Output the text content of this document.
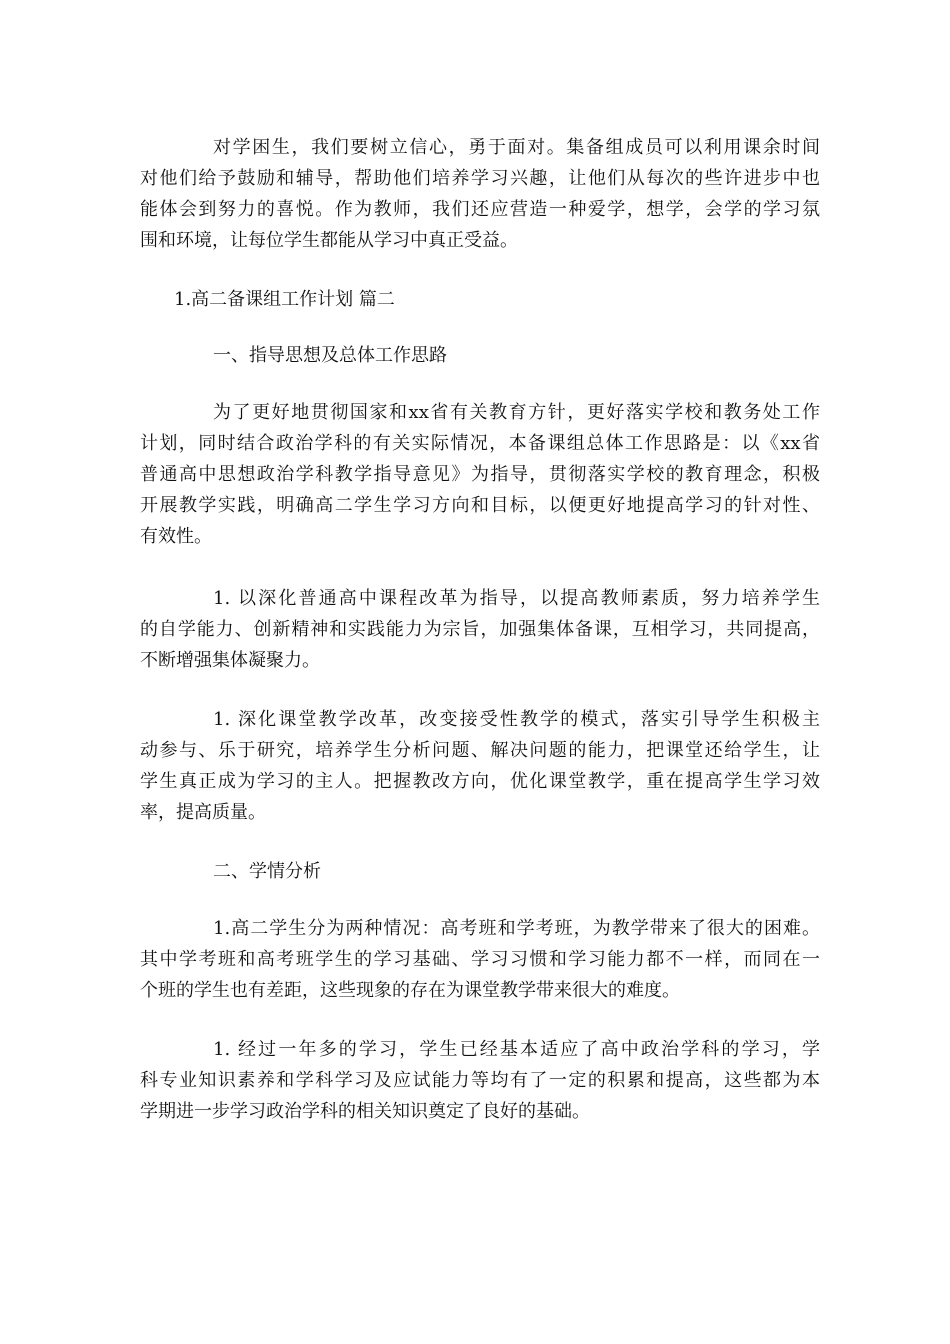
对学困生，我们要树立信心，勇于面对。集备组成员可以利用课余时间
对他们给予鼓励和辅导，帮助他们培养学习兴趣，让他们从每次的些许进步中也
能体会到努力的喜悦。作为教师，我们还应营造一种爱学，想学，会学的学习氛
围和环境，让每位学生都能从学习中真正受益。

1.高二备课组工作计划 篇二

一、指导思想及总体工作思路

为了更好地贯彻国家和xx省有关教育方针，更好落实学校和教务处工作
计划，同时结合政治学科的有关实际情况，本备课组总体工作思路是：以《xx省
普通高中思想政治学科教学指导意见》为指导，贯彻落实学校的教育理念，积极
开展教学实践，明确高二学生学习方向和目标，以便更好地提高学习的针对性、
有效性。

1. 以深化普通高中课程改革为指导，以提高教师素质，努力培养学生
的自学能力、创新精神和实践能力为宗旨，加强集体备课，互相学习，共同提高，
不断增强集体凝聚力。

1. 深化课堂教学改革，改变接受性教学的模式，落实引导学生积极主
动参与、乐于研究，培养学生分析问题、解决问题的能力，把课堂还给学生，让
学生真正成为学习的主人。把握教改方向，优化课堂教学，重在提高学生学习效
率，提高质量。

二、学情分析

1.高二学生分为两种情况：高考班和学考班，为教学带来了很大的困难。
其中学考班和高考班学生的学习基础、学习习惯和学习能力都不一样，而同在一
个班的学生也有差距，这些现象的存在为课堂教学带来很大的难度。

1. 经过一年多的学习，学生已经基本适应了高中政治学科的学习，学
科专业知识素养和学科学习及应试能力等均有了一定的积累和提高，这些都为本
学期进一步学习政治学科的相关知识奠定了良好的基础。
